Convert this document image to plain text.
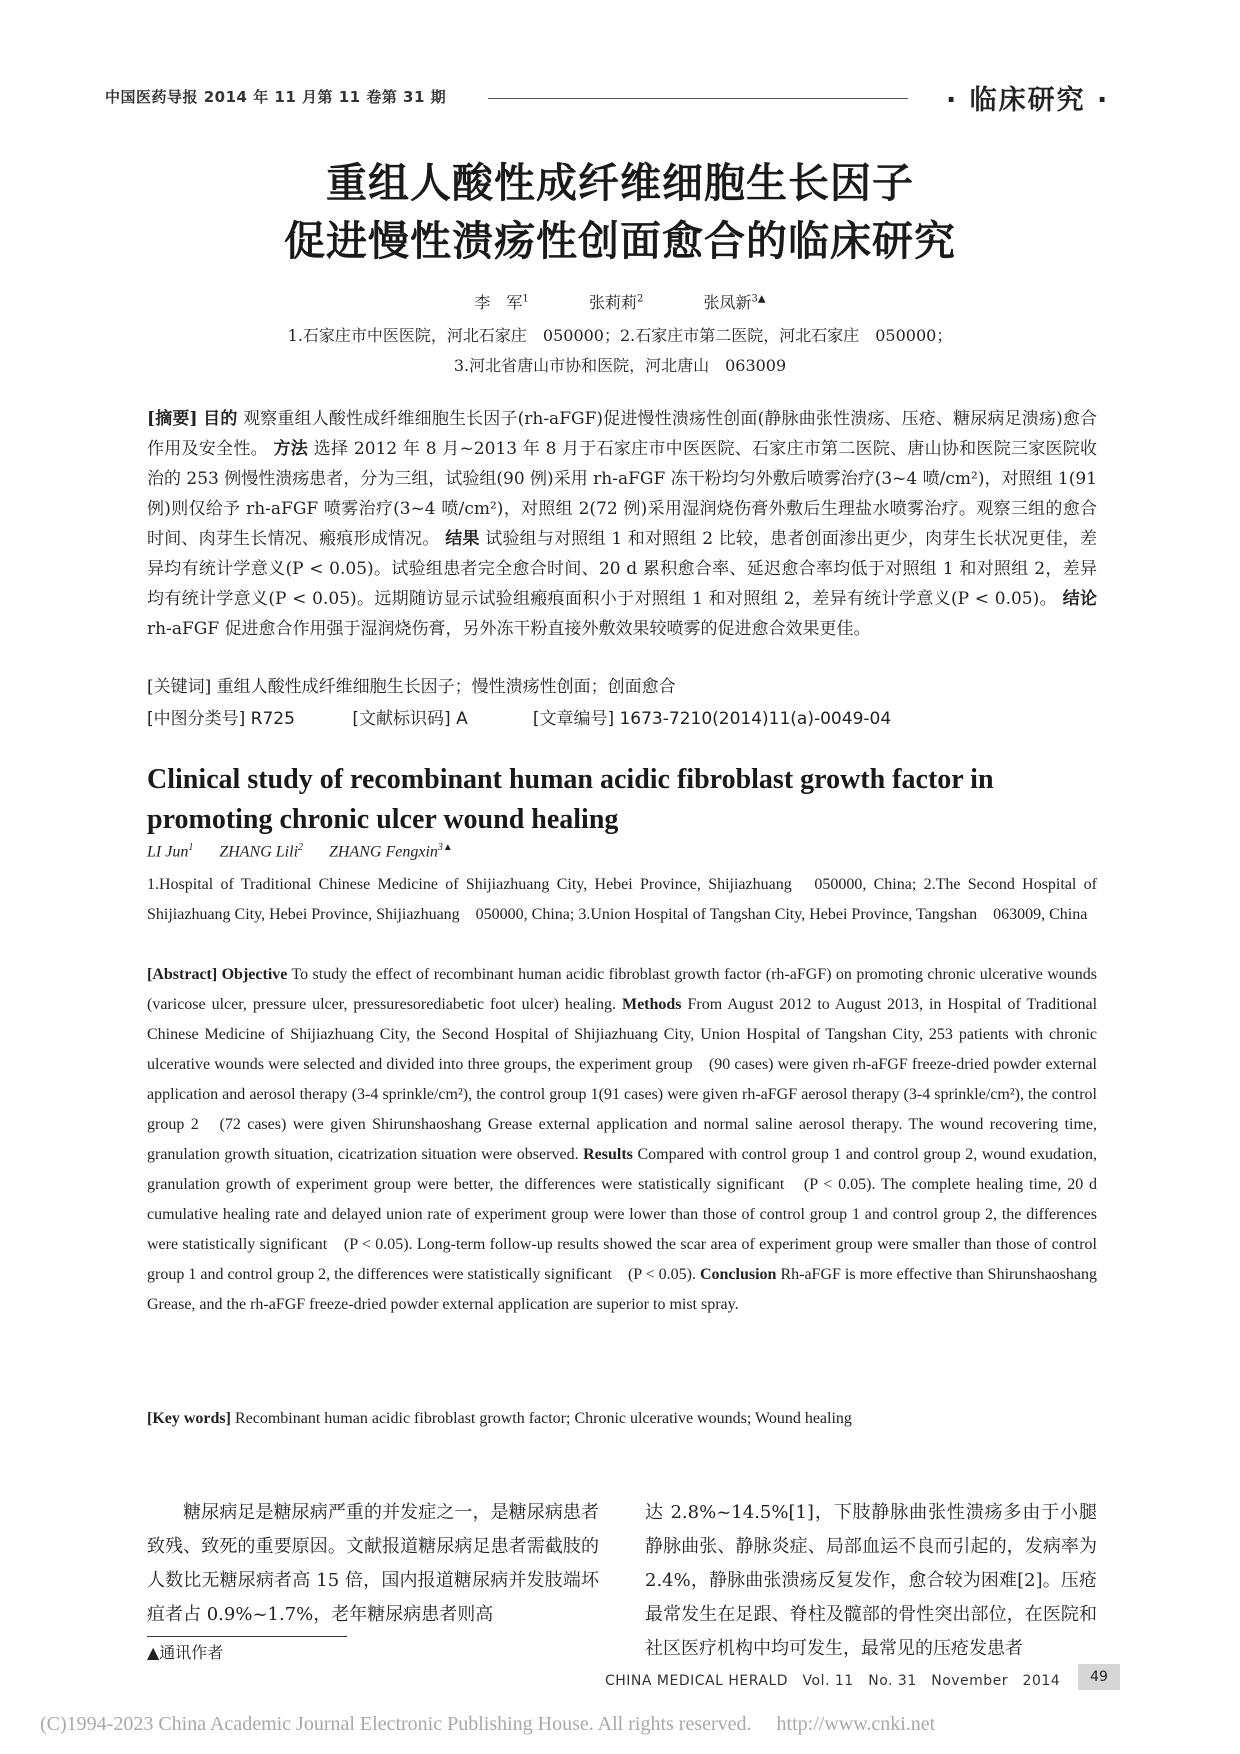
中国医药导报 2014 年 11 月第 11 卷第 31 期	· 临床研究 ·
重组人酸性成纤维细胞生长因子
促进慢性溃疡性创面愈合的临床研究
李　军$^1$	张莉莉$^2$	张凤新$^{3▲}$
1.石家庄市中医医院，河北石家庄　050000；2.石家庄市第二医院，河北石家庄　050000；
3.河北省唐山市协和医院，河北唐山　063009
[摘要] 目的 观察重组人酸性成纤维细胞生长因子(rh-aFGF)促进慢性溃疡性创面(静脉曲张性溃疡、压疮、糖尿病足溃疡)愈合作用及安全性。 方法 选择 2012 年 8 月~2013 年 8 月于石家庄市中医医院、石家庄市第二医院、唐山协和医院三家医院收治的 253 例慢性溃疡患者，分为三组，试验组(90 例)采用 rh-aFGF 冻干粉均匀外敷后喷雾治疗(3~4 喷/cm²)，对照组 1(91 例)则仅给予 rh-aFGF 喷雾治疗(3~4 喷/cm²)，对照组 2(72 例)采用湿润烧伤膏外敷后生理盐水喷雾治疗。观察三组的愈合时间、肉芽生长情况、瘢痕形成情况。 结果 试验组与对照组 1 和对照组 2 比较，患者创面渗出更少，肉芽生长状况更佳，差异均有统计学意义(P < 0.05)。试验组患者完全愈合时间、20 d 累积愈合率、延迟愈合率均低于对照组 1 和对照组 2，差异均有统计学意义(P < 0.05)。远期随访显示试验组瘢痕面积小于对照组 1 和对照组 2，差异有统计学意义(P < 0.05)。 结论 rh-aFGF 促进愈合作用强于湿润烧伤膏，另外冻干粉直接外敷效果较喷雾的促进愈合效果更佳。
[关键词] 重组人酸性成纤维细胞生长因子；慢性溃疡性创面；创面愈合
[中图分类号] R725	[文献标识码] A	[文章编号] 1673-7210(2014)11(a)-0049-04
Clinical study of recombinant human acidic fibroblast growth factor in
promoting chronic ulcer wound healing
LI Jun$^1$ ZHANG Lili$^2$ ZHANG Fengxin$^{3▲}$
1.Hospital of Traditional Chinese Medicine of Shijiazhuang City, Hebei Province, Shijiazhuang　050000, China; 2.The Second Hospital of Shijiazhuang City, Hebei Province, Shijiazhuang　050000, China; 3.Union Hospital of Tangshan City, Hebei Province, Tangshan　063009, China
[Abstract] Objective To study the effect of recombinant human acidic fibroblast growth factor (rh-aFGF) on promoting chronic ulcerative wounds　(varicose ulcer, pressure ulcer, pressuresorediabetic foot ulcer) healing. Methods From August 2012 to August 2013, in Hospital of Traditional Chinese Medicine of Shijiazhuang City, the Second Hospital of Shijiazhuang City, Union Hospital of Tangshan City, 253 patients with chronic ulcerative wounds were selected and divided into three groups, the experiment group　(90 cases) were given rh-aFGF freeze-dried powder external application and aerosol therapy (3-4 sprinkle/cm²), the control group 1(91 cases) were given rh-aFGF aerosol therapy (3-4 sprinkle/cm²), the control group 2　(72 cases) were given Shirunshaoshang Grease external application and normal saline aerosol therapy. The wound recovering time, granulation growth situation, cicatrization situation were observed. Results Compared with control group 1 and control group 2, wound exudation, granulation growth of experiment group were better, the differences were statistically significant　(P < 0.05). The complete healing time, 20 d cumulative healing rate and delayed union rate of experiment group were lower than those of control group 1 and control group 2, the differences were statistically significant　(P < 0.05). Long-term follow-up results showed the scar area of experiment group were smaller than those of control group 1 and control group 2, the differences were statistically significant　(P < 0.05). Conclusion Rh-aFGF is more effective than Shirunshaoshang Grease, and the rh-aFGF freeze-dried powder external application are superior to mist spray.
[Key words] Recombinant human acidic fibroblast growth factor; Chronic ulcerative wounds; Wound healing
　　糖尿病足是糖尿病严重的并发症之一，是糖尿病患者致残、致死的重要原因。文献报道糖尿病足患者需截肢的人数比无糖尿病者高 15 倍，国内报道糖尿病并发肢端坏疽者占 0.9%~1.7%，老年糖尿病患者则高
达 2.8%~14.5%[1]，下肢静脉曲张性溃疡多由于小腿静脉曲张、静脉炎症、局部血运不良而引起的，发病率为 2.4%，静脉曲张溃疡反复发作，愈合较为困难[2]。压疮最常发生在足跟、脊柱及髋部的骨性突出部位，在医院和社区医疗机构中均可发生，最常见的压疮发患者
▲通讯作者
CHINA MEDICAL HERALD　Vol. 11　No. 31　November　2014	49
(C)1994-2023 China Academic Journal Electronic Publishing House. All rights reserved.　 http://www.cnki.net
